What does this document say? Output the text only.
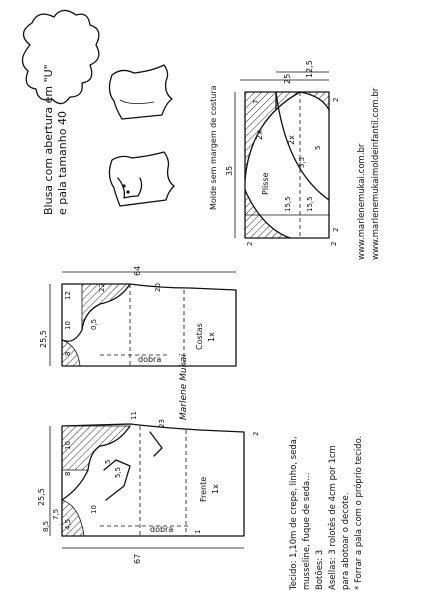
Blusa com abertura em "U" e pala tamanho 40	Molde sem margem de costura
25
12,5
35
2x
2x
Plisse
7
5
5,5
15,5 15,5
2	2
2
2 www.marlenemukai.com.br www.marlenemukaimoldeinfantil.com.br
64
22	20
25,5
12
0,5
10
8
Costas 1x
dobra Marlene Mukai
25,5
10
8
5
5,5
23
11
7,5
8,5 4,5
10
1
2
67
Frente 1x
dobra	Tecido: 1,10m de crepe, linho, seda, musseline, fuque de seda... Botões: 3 Asellas: 3 rolotês de 4cm por 1cm para abotoar o decote. * Forrar a pala com o próprio tecido.
